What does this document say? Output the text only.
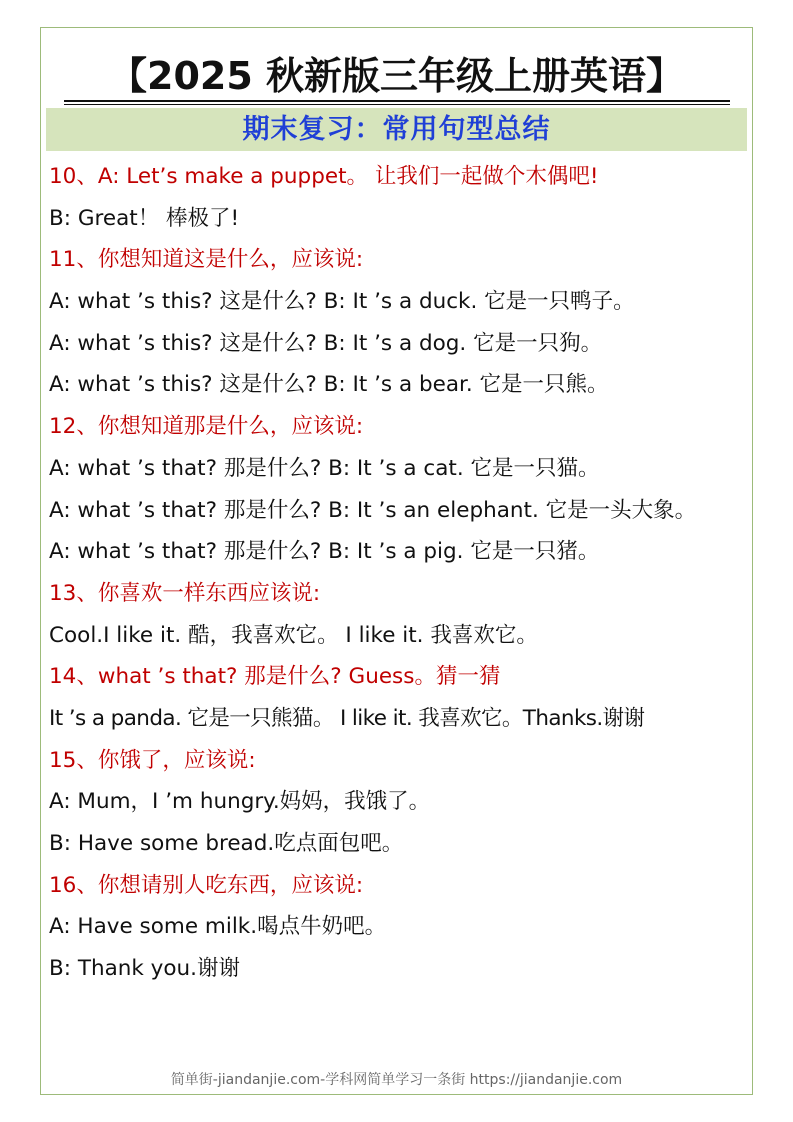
【2025 秋新版三年级上册英语】
期末复习：常用句型总结
10、A: Let’s make a puppet。 让我们一起做个木偶吧!
B: Great！ 棒极了!
11、你想知道这是什么，应该说:
A: what ’s this? 这是什么? B: It ’s a duck. 它是一只鸭子。
A: what ’s this? 这是什么? B: It ’s a dog. 它是一只狗。
A: what ’s this? 这是什么? B: It ’s a bear. 它是一只熊。
12、你想知道那是什么，应该说:
A: what ’s that? 那是什么? B: It ’s a cat. 它是一只猫。
A: what ’s that? 那是什么? B: It ’s an elephant. 它是一头大象。
A: what ’s that? 那是什么? B: It ’s a pig. 它是一只猪。
13、你喜欢一样东西应该说:
Cool.I like it. 酷，我喜欢它。 I like it. 我喜欢它。
14、what ’s that? 那是什么? Guess。猜一猜
It ’s a panda. 它是一只熊猫。 I like it. 我喜欢它。Thanks.谢谢
15、你饿了，应该说:
A: Mum，I ’m hungry.妈妈，我饿了。
B: Have some bread.吃点面包吧。
16、你想请别人吃东西，应该说:
A: Have some milk.喝点牛奶吧。
B: Thank you.谢谢
简单街-jiandanjie.com-学科网简单学习一条街 https://jiandanjie.com
